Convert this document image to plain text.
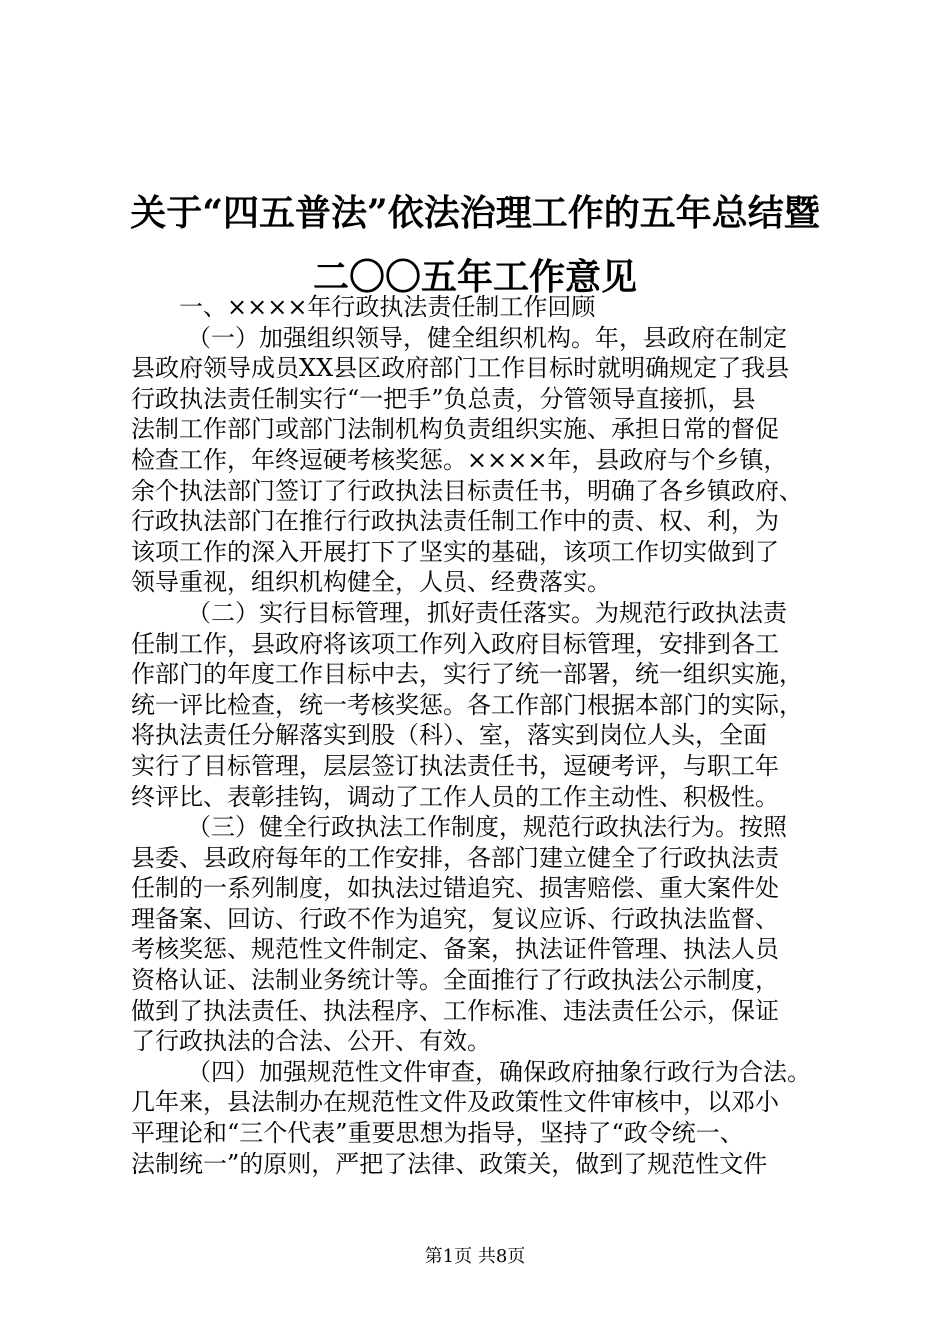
关于“四五普法”依法治理工作的五年总结暨
二〇〇五年工作意见
一、××××年行政执法责任制工作回顾
（一）加强组织领导，健全组织机构。年，县政府在制定
县政府领导成员XX县区政府部门工作目标时就明确规定了我县
行政执法责任制实行“一把手”负总责，分管领导直接抓，县
法制工作部门或部门法制机构负责组织实施、承担日常的督促
检查工作，年终逗硬考核奖惩。××××年，县政府与个乡镇，
余个执法部门签订了行政执法目标责任书，明确了各乡镇政府、
行政执法部门在推行行政执法责任制工作中的责、权、利，为
该项工作的深入开展打下了坚实的基础，该项工作切实做到了
领导重视，组织机构健全，人员、经费落实。
（二）实行目标管理，抓好责任落实。为规范行政执法责
任制工作，县政府将该项工作列入政府目标管理，安排到各工
作部门的年度工作目标中去，实行了统一部署，统一组织实施，
统一评比检查，统一考核奖惩。各工作部门根据本部门的实际，
将执法责任分解落实到股（科）、室，落实到岗位人头，全面
实行了目标管理，层层签订执法责任书，逗硬考评，与职工年
终评比、表彰挂钩，调动了工作人员的工作主动性、积极性。
（三）健全行政执法工作制度，规范行政执法行为。按照
县委、县政府每年的工作安排，各部门建立健全了行政执法责
任制的一系列制度，如执法过错追究、损害赔偿、重大案件处
理备案、回访、行政不作为追究，复议应诉、行政执法监督、
考核奖惩、规范性文件制定、备案，执法证件管理、执法人员
资格认证、法制业务统计等。全面推行了行政执法公示制度，
做到了执法责任、执法程序、工作标准、违法责任公示，保证
了行政执法的合法、公开、有效。
（四）加强规范性文件审查，确保政府抽象行政行为合法。
几年来，县法制办在规范性文件及政策性文件审核中，以邓小
平理论和“三个代表”重要思想为指导，坚持了“政令统一、
法制统一”的原则，严把了法律、政策关，做到了规范性文件
第1页 共8页
